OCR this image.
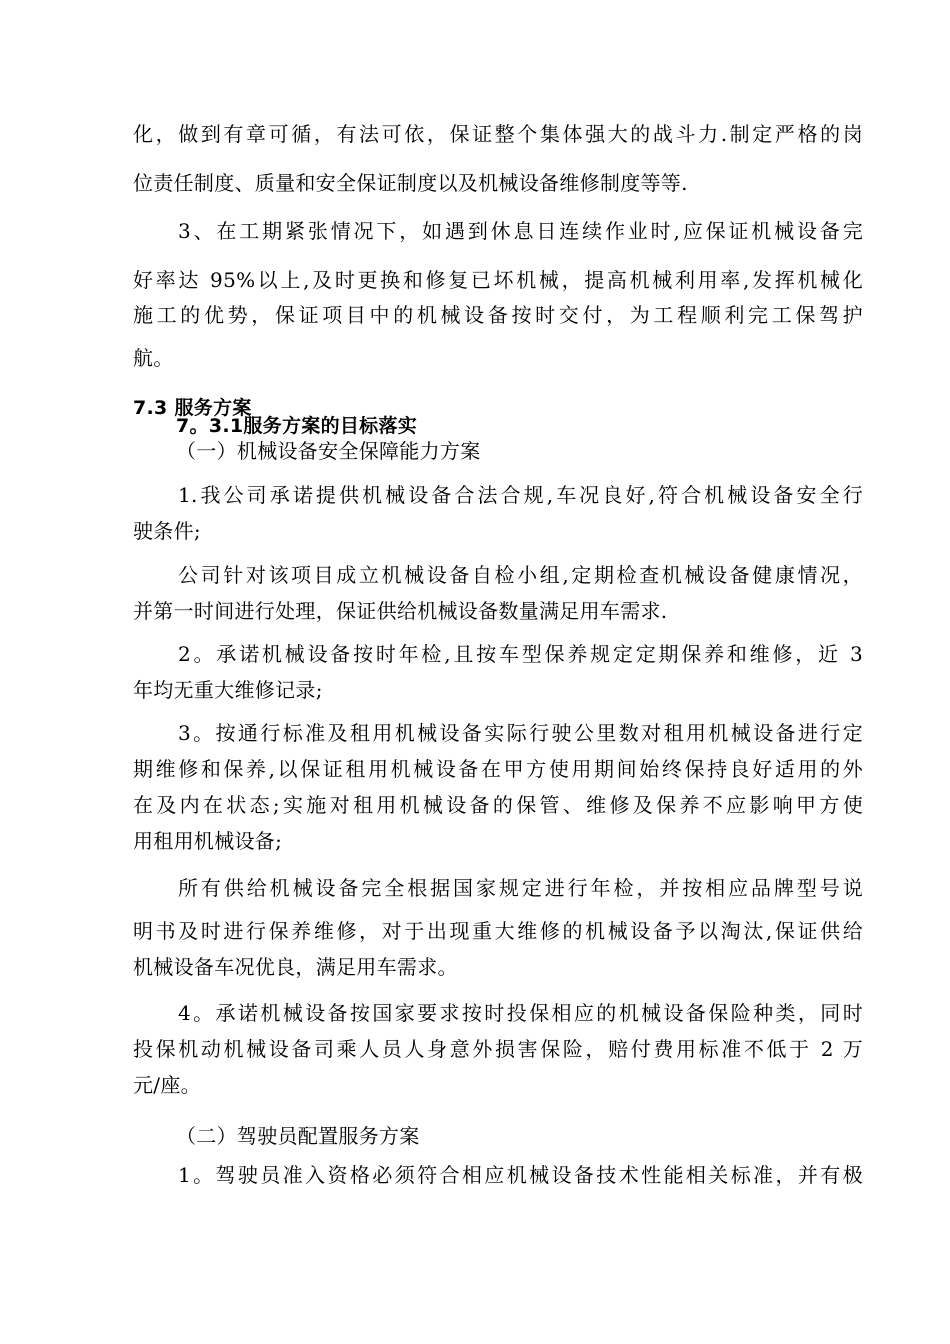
化，做到有章可循，有法可依，保证整个集体强大的战斗力.制定严格的岗
位责任制度、质量和安全保证制度以及机械设备维修制度等等.
3、在工期紧张情况下，如遇到休息日连续作业时,应保证机械设备完
好率达 95%以上,及时更换和修复已坏机械，提高机械利用率,发挥机械化
施工的优势，保证项目中的机械设备按时交付，为工程顺利完工保驾护
航。
7.3 服务方案
7。3.1服务方案的目标落实
（一）机械设备安全保障能力方案
1.我公司承诺提供机械设备合法合规,车况良好,符合机械设备安全行
驶条件;
公司针对该项目成立机械设备自检小组,定期检查机械设备健康情况，
并第一时间进行处理，保证供给机械设备数量满足用车需求.
2。承诺机械设备按时年检,且按车型保养规定定期保养和维修，近 3
年均无重大维修记录;
3。按通行标准及租用机械设备实际行驶公里数对租用机械设备进行定
期维修和保养,以保证租用机械设备在甲方使用期间始终保持良好适用的外
在及内在状态;实施对租用机械设备的保管、维修及保养不应影响甲方使
用租用机械设备;
所有供给机械设备完全根据国家规定进行年检，并按相应品牌型号说
明书及时进行保养维修，对于出现重大维修的机械设备予以淘汰,保证供给
机械设备车况优良，满足用车需求。
4。承诺机械设备按国家要求按时投保相应的机械设备保险种类，同时
投保机动机械设备司乘人员人身意外损害保险，赔付费用标准不低于 2 万
元/座。
（二）驾驶员配置服务方案
1。驾驶员准入资格必须符合相应机械设备技术性能相关标准，并有极
